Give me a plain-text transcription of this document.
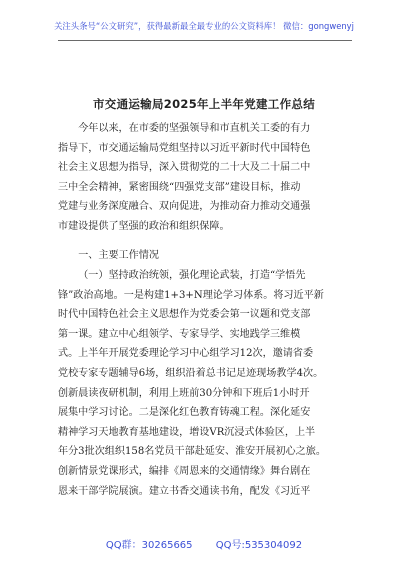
关注头条号“公文研究”，获得最新最全最专业的公文资料库！ 微信：gongwenyj
市交通运输局2025年上半年党建工作总结

今年以来，在市委的坚强领导和市直机关工委的有力

指导下，市交通运输局党组坚持以习近平新时代中国特色

社会主义思想为指导，深入贯彻党的二十大及二十届二中

三中全会精神，紧密围绕“四强党支部”建设目标，推动

党建与业务深度融合、双向促进，为推动奋力推动交通强

市建设提供了坚强的政治和组织保障。

一、主要工作情况

（一）坚持政治统领，强化理论武装，打造“学悟先

锋”政治高地。一是构建1+3+N理论学习体系。将习近平新

时代中国特色社会主义思想作为党委会第一议题和党支部

第一课。建立中心组领学、专家导学、实地践学三维模

式。上半年开展党委理论学习中心组学习12次，邀请省委

党校专家专题辅导6场，组织沿着总书记足迹现场教学4次。

创新晨读夜研机制，利用上班前30分钟和下班后1小时开

展集中学习讨论。二是深化红色教育铸魂工程。深化延安

精神学习天地教育基地建设，增设VR沉浸式体验区，上半

年分3批次组织158名党员干部赴延安、淮安开展初心之旅。

创新情景党课形式，编排《周恩来的交通情缘》舞台剧在

恩来干部学院展演。建立书香交通读书角，配发《习近平

QQ群：30265665 QQ号:535304092
